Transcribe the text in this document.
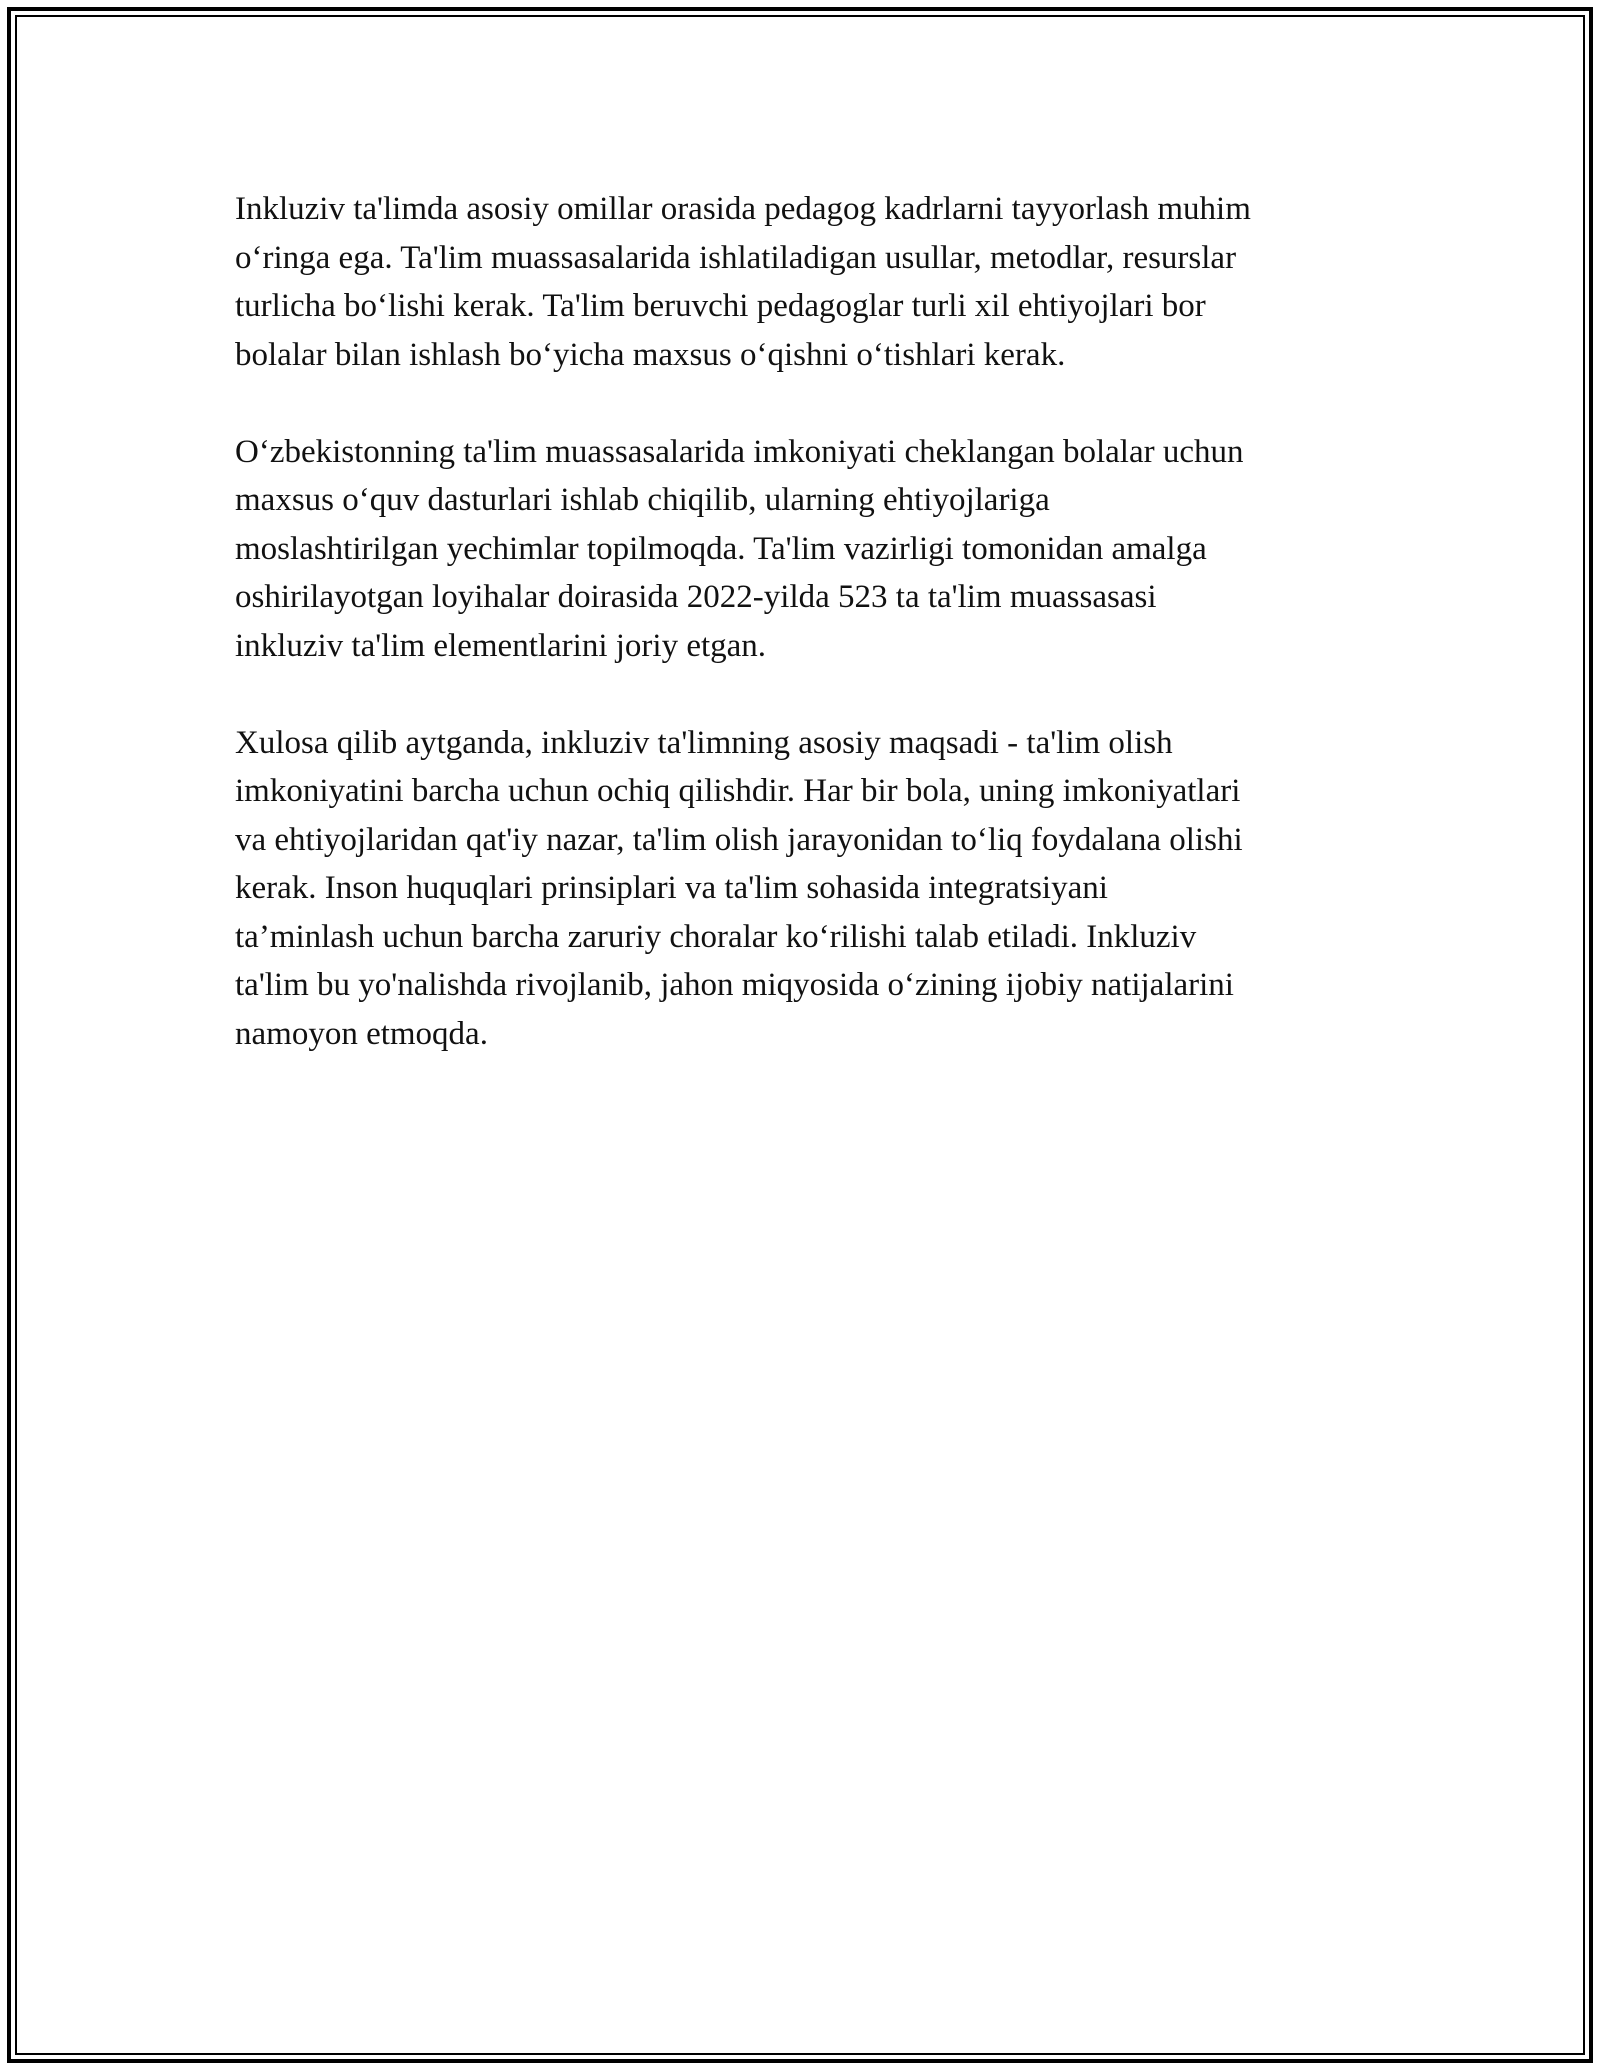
Inkluziv ta'limda asosiy omillar orasida pedagog kadrlarni tayyorlash muhim
o‘ringa ega. Ta'lim muassasalarida ishlatiladigan usullar, metodlar, resurslar
turlicha bo‘lishi kerak. Ta'lim beruvchi pedagoglar turli xil ehtiyojlari bor
bolalar bilan ishlash bo‘yicha maxsus o‘qishni o‘tishlari kerak.

O‘zbekistonning ta'lim muassasalarida imkoniyati cheklangan bolalar uchun
maxsus o‘quv dasturlari ishlab chiqilib, ularning ehtiyojlariga
moslashtirilgan yechimlar topilmoqda. Ta'lim vazirligi tomonidan amalga
oshirilayotgan loyihalar doirasida 2022-yilda 523 ta ta'lim muassasasi
inkluziv ta'lim elementlarini joriy etgan.

Xulosa qilib aytganda, inkluziv ta'limning asosiy maqsadi - ta'lim olish
imkoniyatini barcha uchun ochiq qilishdir. Har bir bola, uning imkoniyatlari
va ehtiyojlaridan qat'iy nazar, ta'lim olish jarayonidan to‘liq foydalana olishi
kerak. Inson huquqlari prinsiplari va ta'lim sohasida integratsiyani
ta’minlash uchun barcha zaruriy choralar ko‘rilishi talab etiladi. Inkluziv
ta'lim bu yo'nalishda rivojlanib, jahon miqyosida o‘zining ijobiy natijalarini
namoyon etmoqda.
